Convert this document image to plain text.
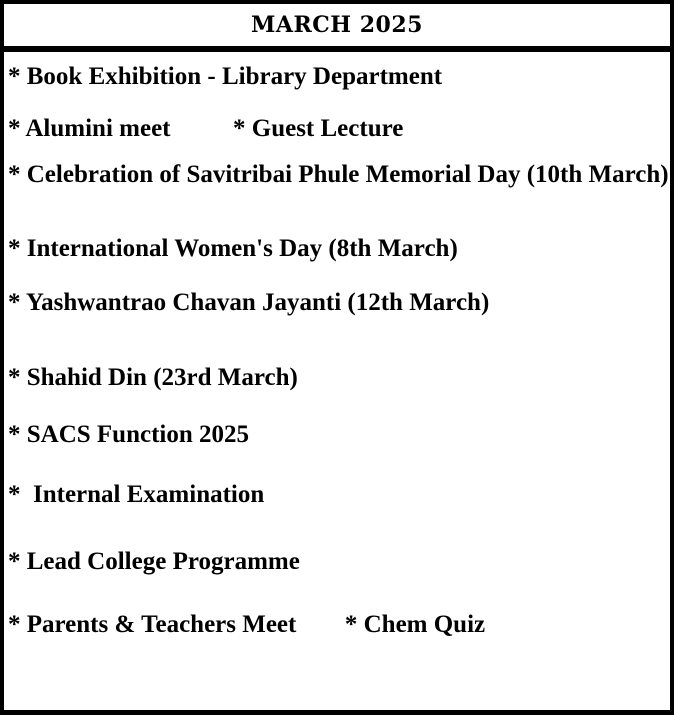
MARCH 2025
* Book Exhibition - Library Department
* Alumini meet	* Guest Lecture
* Celebration of Savitribai Phule Memorial Day (10th March)
* International Women's Day (8th March)
* Yashwantrao Chavan Jayanti (12th March)
* Shahid Din (23rd March)
* SACS Function 2025
*  Internal Examination
* Lead College Programme
* Parents & Teachers Meet * Chem Quiz
